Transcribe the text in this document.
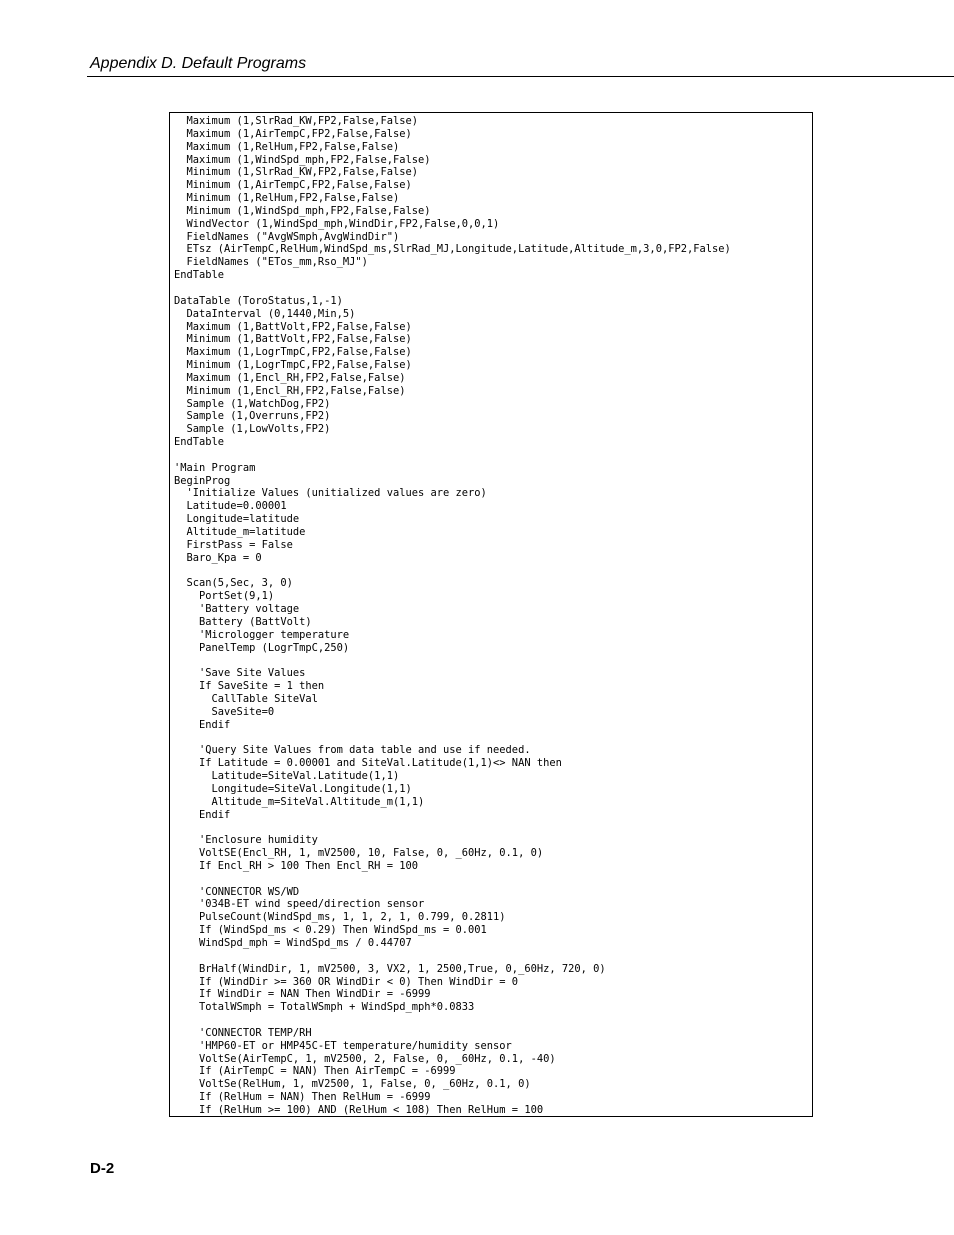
Appendix D. Default Programs
Maximum (1,SlrRad_KW,FP2,False,False)
Maximum (1,AirTempC,FP2,False,False)
Maximum (1,RelHum,FP2,False,False)
Maximum (1,WindSpd_mph,FP2,False,False)
Minimum (1,SlrRad_KW,FP2,False,False)
Minimum (1,AirTempC,FP2,False,False)
Minimum (1,RelHum,FP2,False,False)
Minimum (1,WindSpd_mph,FP2,False,False)
WindVector (1,WindSpd_mph,WindDir,FP2,False,0,0,1)
FieldNames ("AvgWSmph,AvgWindDir")
ETsz (AirTempC,RelHum,WindSpd_ms,SlrRad_MJ,Longitude,Latitude,Altitude_m,3,0,FP2,False)
FieldNames ("ETos_mm,Rso_MJ")
EndTable
DataTable (ToroStatus,1,-1)
DataInterval (0,1440,Min,5)
Maximum (1,BattVolt,FP2,False,False)
Minimum (1,BattVolt,FP2,False,False)
Maximum (1,LogrTmpC,FP2,False,False)
Minimum (1,LogrTmpC,FP2,False,False)
Maximum (1,Encl_RH,FP2,False,False)
Minimum (1,Encl_RH,FP2,False,False)
Sample (1,WatchDog,FP2)
Sample (1,Overruns,FP2)
Sample (1,LowVolts,FP2)
EndTable
'Main Program
BeginProg
'Initialize Values (unitialized values are zero)
Latitude=0.00001
Longitude=latitude
Altitude_m=latitude
FirstPass = False
Baro_Kpa = 0
Scan(5,Sec, 3, 0)
PortSet(9,1)
'Battery voltage
Battery (BattVolt)
'Micrologger temperature
PanelTemp (LogrTmpC,250)
'Save Site Values
If SaveSite = 1 then
CallTable SiteVal
SaveSite=0
Endif
'Query Site Values from data table and use if needed.
If Latitude = 0.00001 and SiteVal.Latitude(1,1)<> NAN then
Latitude=SiteVal.Latitude(1,1)
Longitude=SiteVal.Longitude(1,1)
Altitude_m=SiteVal.Altitude_m(1,1)
Endif
'Enclosure humidity
VoltSE(Encl_RH, 1, mV2500, 10, False, 0, _60Hz, 0.1, 0)
If Encl_RH > 100 Then Encl_RH = 100
'CONNECTOR WS/WD
'034B-ET wind speed/direction sensor
PulseCount(WindSpd_ms, 1, 1, 2, 1, 0.799, 0.2811)
If (WindSpd_ms < 0.29) Then WindSpd_ms = 0.001
WindSpd_mph = WindSpd_ms / 0.44707
BrHalf(WindDir, 1, mV2500, 3, VX2, 1, 2500,True, 0,_60Hz, 720, 0)
If (WindDir >= 360 OR WindDir < 0) Then WindDir = 0
If WindDir = NAN Then WindDir = -6999
TotalWSmph = TotalWSmph + WindSpd_mph*0.0833
'CONNECTOR TEMP/RH
'HMP60-ET or HMP45C-ET temperature/humidity sensor
VoltSe(AirTempC, 1, mV2500, 2, False, 0, _60Hz, 0.1, -40)
If (AirTempC = NAN) Then AirTempC = -6999
VoltSe(RelHum, 1, mV2500, 1, False, 0, _60Hz, 0.1, 0)
If (RelHum = NAN) Then RelHum = -6999
If (RelHum >= 100) AND (RelHum < 108) Then RelHum = 100
D-2
